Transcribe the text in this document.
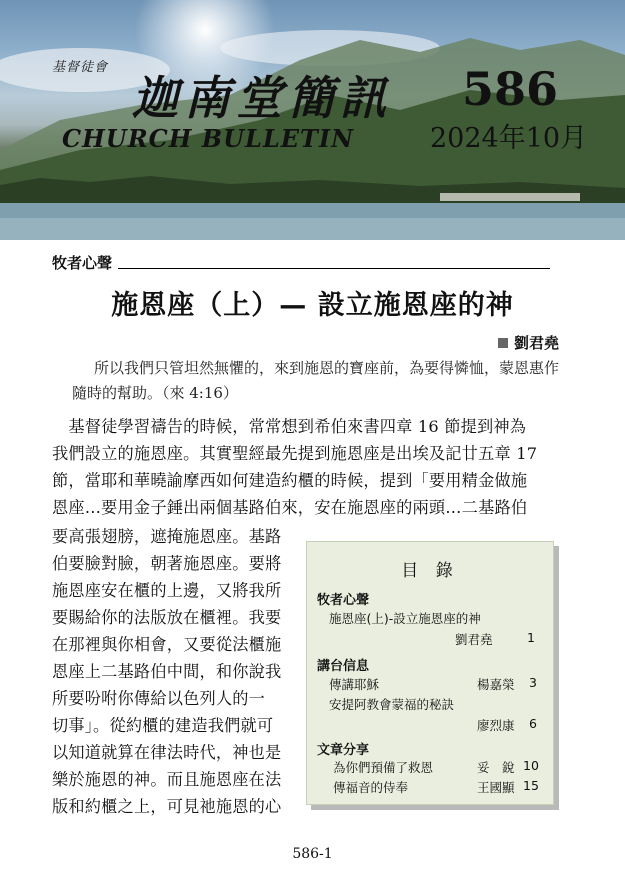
基督徒會
迦南堂簡訊
CHURCH BULLETIN
586
2024年10月
牧者心聲
施恩座（上）— 設立施恩座的神
劉君堯
所以我們只管坦然無懼的，來到施恩的寶座前，為要得憐恤，蒙恩惠作隨時的幫助。（來 4:16）
　基督徒學習禱告的時候，常常想到希伯來書四章 16 節提到神為
我們設立的施恩座。其實聖經最先提到施恩座是出埃及記廿五章 17
節，當耶和華曉諭摩西如何建造約櫃的時候，提到「要用精金做施
恩座…要用金子錘出兩個基路伯來，安在施恩座的兩頭…二基路伯
要高張翅膀，遮掩施恩座。基路
伯要臉對臉，朝著施恩座。要將
施恩座安在櫃的上邊，又將我所
要賜給你的法版放在櫃裡。我要
在那裡與你相會，又要從法櫃施
恩座上二基路伯中間，和你說我
所要吩咐你傳給以色列人的一
切事」。從約櫃的建造我們就可
以知道就算在律法時代，神也是
樂於施恩的神。而且施恩座在法
版和約櫃之上，可見祂施恩的心
目 錄
牧者心聲
施恩座(上)-設立施恩座的神
劉君堯	1
講台信息
傳講耶穌	楊嘉榮 3
安提阿教會蒙福的秘訣
廖烈康 6
文章分享
為你們預備了救恩	妥　銳 10
傳福音的侍奉	王國顯 15
586-1
